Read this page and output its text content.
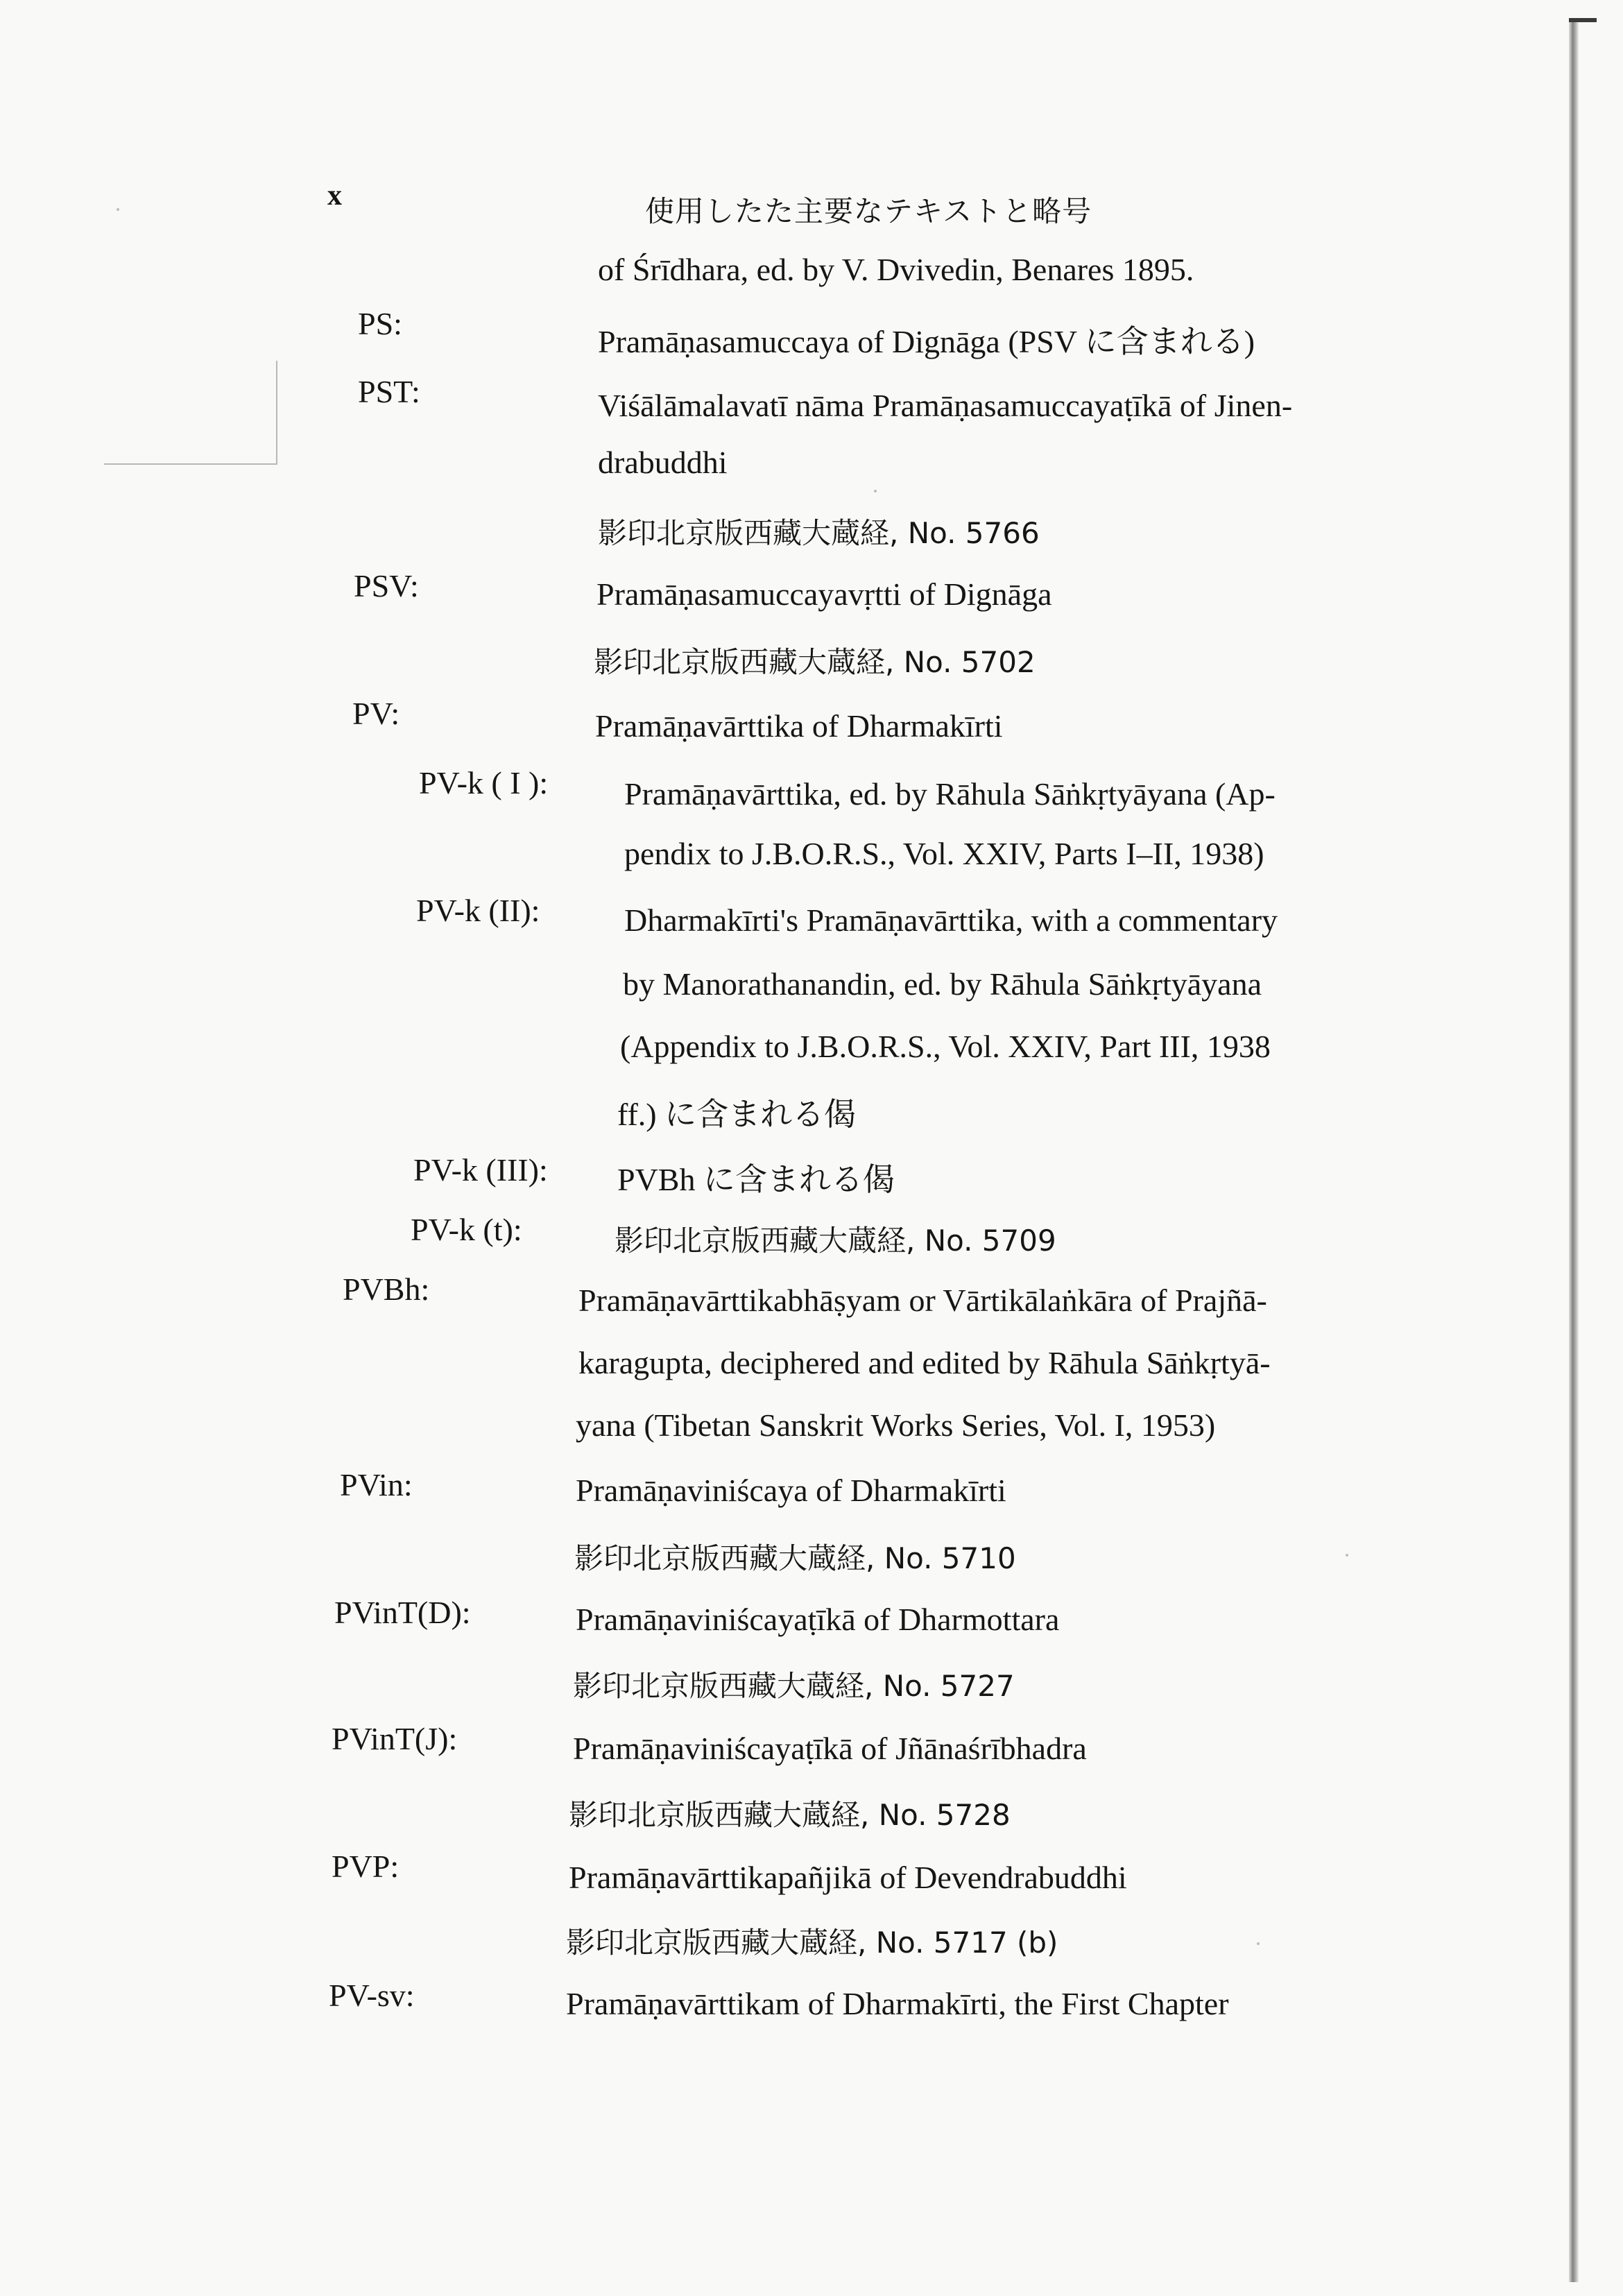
x	使用したた主要なテキストと略号
of Śrīdhara, ed. by V. Dvivedin, Benares 1895.
PS:
Pramāṇasamuccaya of Dignāga (PSV に含まれる)
PST:	Viśālāmalavatī nāma Pramāṇasamuccayaṭīkā of Jinen-
drabuddhi
影印北京版西藏大蔵経, No. 5766
PSV:	Pramāṇasamuccayavṛtti of Dignāga
影印北京版西藏大蔵経, No. 5702
PV:	Pramāṇavārttika of Dharmakīrti
PV-k ( I ): Pramāṇavārttika, ed. by Rāhula Sāṅkṛtyāyana (Ap-
pendix to J.B.O.R.S., Vol. XXIV, Parts I–II, 1938)
PV-k (II):	Dharmakīrti's Pramāṇavārttika, with a commentary
by Manorathanandin, ed. by Rāhula Sāṅkṛtyāyana
(Appendix to J.B.O.R.S., Vol. XXIV, Part III, 1938
ff.) に含まれる偈
PV-k (III): PVBh に含まれる偈
PV-k (t):	影印北京版西藏大蔵経, No. 5709
PVBh:	Pramāṇavārttikabhāṣyam or Vārtikālaṅkāra of Prajñā-
karagupta, deciphered and edited by Rāhula Sāṅkṛtyā-
yana (Tibetan Sanskrit Works Series, Vol. I, 1953)
PVin:	Pramāṇaviniścaya of Dharmakīrti
影印北京版西藏大蔵経, No. 5710
PVinT(D):	Pramāṇaviniścayaṭīkā of Dharmottara
影印北京版西藏大蔵経, No. 5727
PVinT(J):	Pramāṇaviniścayaṭīkā of Jñānaśrībhadra
影印北京版西藏大蔵経, No. 5728
PVP:	Pramāṇavārttikapañjikā of Devendrabuddhi
影印北京版西藏大蔵経, No. 5717 (b)
PV-sv:	Pramāṇavārttikam of Dharmakīrti, the First Chapter
